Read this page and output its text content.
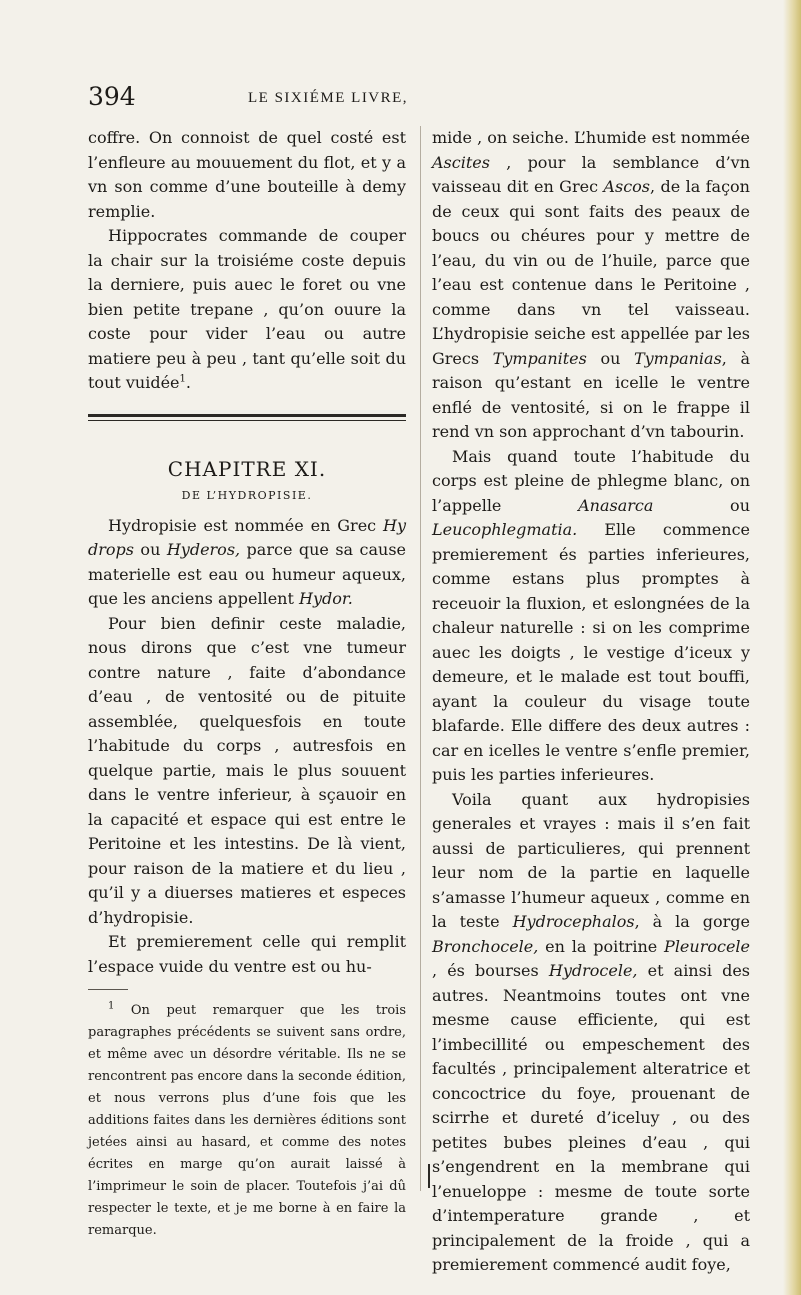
394	LE SIXIÉME LIVRE,

coffre. On connoist de quel costé est l’enfleure au mouuement du flot, et y a vn son comme d’une bouteille à demy remplie.

Hippocrates commande de couper la chair sur la troisiéme coste depuis la derniere, puis auec le foret ou vne bien petite trepane , qu’on ouure la coste pour vider l’eau ou autre matiere peu à peu , tant qu’elle soit du tout vuidée$^1$.

CHAPITRE XI.
DE L’HYDROPISIE.

Hydropisie est nommée en Grec Hy drops ou Hyderos, parce que sa cause materielle est eau ou humeur aqueux, que les anciens appellent Hydor.

Pour bien definir ceste maladie, nous dirons que c’est vne tumeur contre nature , faite d’abondance d’eau , de ventosité ou de pituite assemblée, quelquesfois en toute l’habitude du corps , autresfois en quelque partie, mais le plus souuent dans le ventre inferieur, à sçauoir en la capacité et espace qui est entre le Peritoine et les intestins. De là vient, pour raison de la matiere et du lieu , qu’il y a diuerses matieres et especes d’hydropisie.

Et premierement celle qui remplit l’espace vuide du ventre est ou hu-

$^1$ On peut remarquer que les trois paragraphes précédents se suivent sans ordre, et même avec un désordre véritable. Ils ne se rencontrent pas encore dans la seconde édition, et nous verrons plus d’une fois que les additions faites dans les dernières éditions sont jetées ainsi au hasard, et comme des notes écrites en marge qu’on aurait laissé à l’imprimeur le soin de placer. Toutefois j’ai dû respecter le texte, et je me borne à en faire la remarque.

mide , on seiche. L’humide est nommée Ascites , pour la semblance d’vn vaisseau dit en Grec Ascos, de la façon de ceux qui sont faits des peaux de boucs ou chéures pour y mettre de l’eau, du vin ou de l’huile, parce que l’eau est contenue dans le Peritoine , comme dans vn tel vaisseau. L’hydropisie seiche est appellée par les Grecs Tympanites ou Tympanias, à raison qu’estant en icelle le ventre enflé de ventosité, si on le frappe il rend vn son approchant d’vn tabourin.

Mais quand toute l’habitude du corps est pleine de phlegme blanc, on l’appelle Anasarca ou Leucophlegmatia. Elle commence premierement és parties inferieures, comme estans plus promptes à receuoir la fluxion, et eslongnées de la chaleur naturelle : si on les comprime auec les doigts , le vestige d’iceux y demeure, et le malade est tout bouffi, ayant la couleur du visage toute blafarde. Elle differe des deux autres : car en icelles le ventre s’enfle premier, puis les parties inferieures.

Voila quant aux hydropisies generales et vrayes : mais il s’en fait aussi de particulieres, qui prennent leur nom de la partie en laquelle s’amasse l’humeur aqueux , comme en la teste Hydrocephalos, à la gorge Bronchocele, en la poitrine Pleurocele , és bourses Hydrocele, et ainsi des autres. Neantmoins toutes ont vne mesme cause efficiente, qui est l’imbecillité ou empeschement des facultés , principalement alteratrice et concoctrice du foye, prouenant de scirrhe et dureté d’iceluy , ou des petites bubes pleines d’eau , qui s’engendrent en la membrane qui l’enueloppe : mesme de toute sorte d’intemperature grande , et principalement de la froide , qui a premierement commencé audit foye,
